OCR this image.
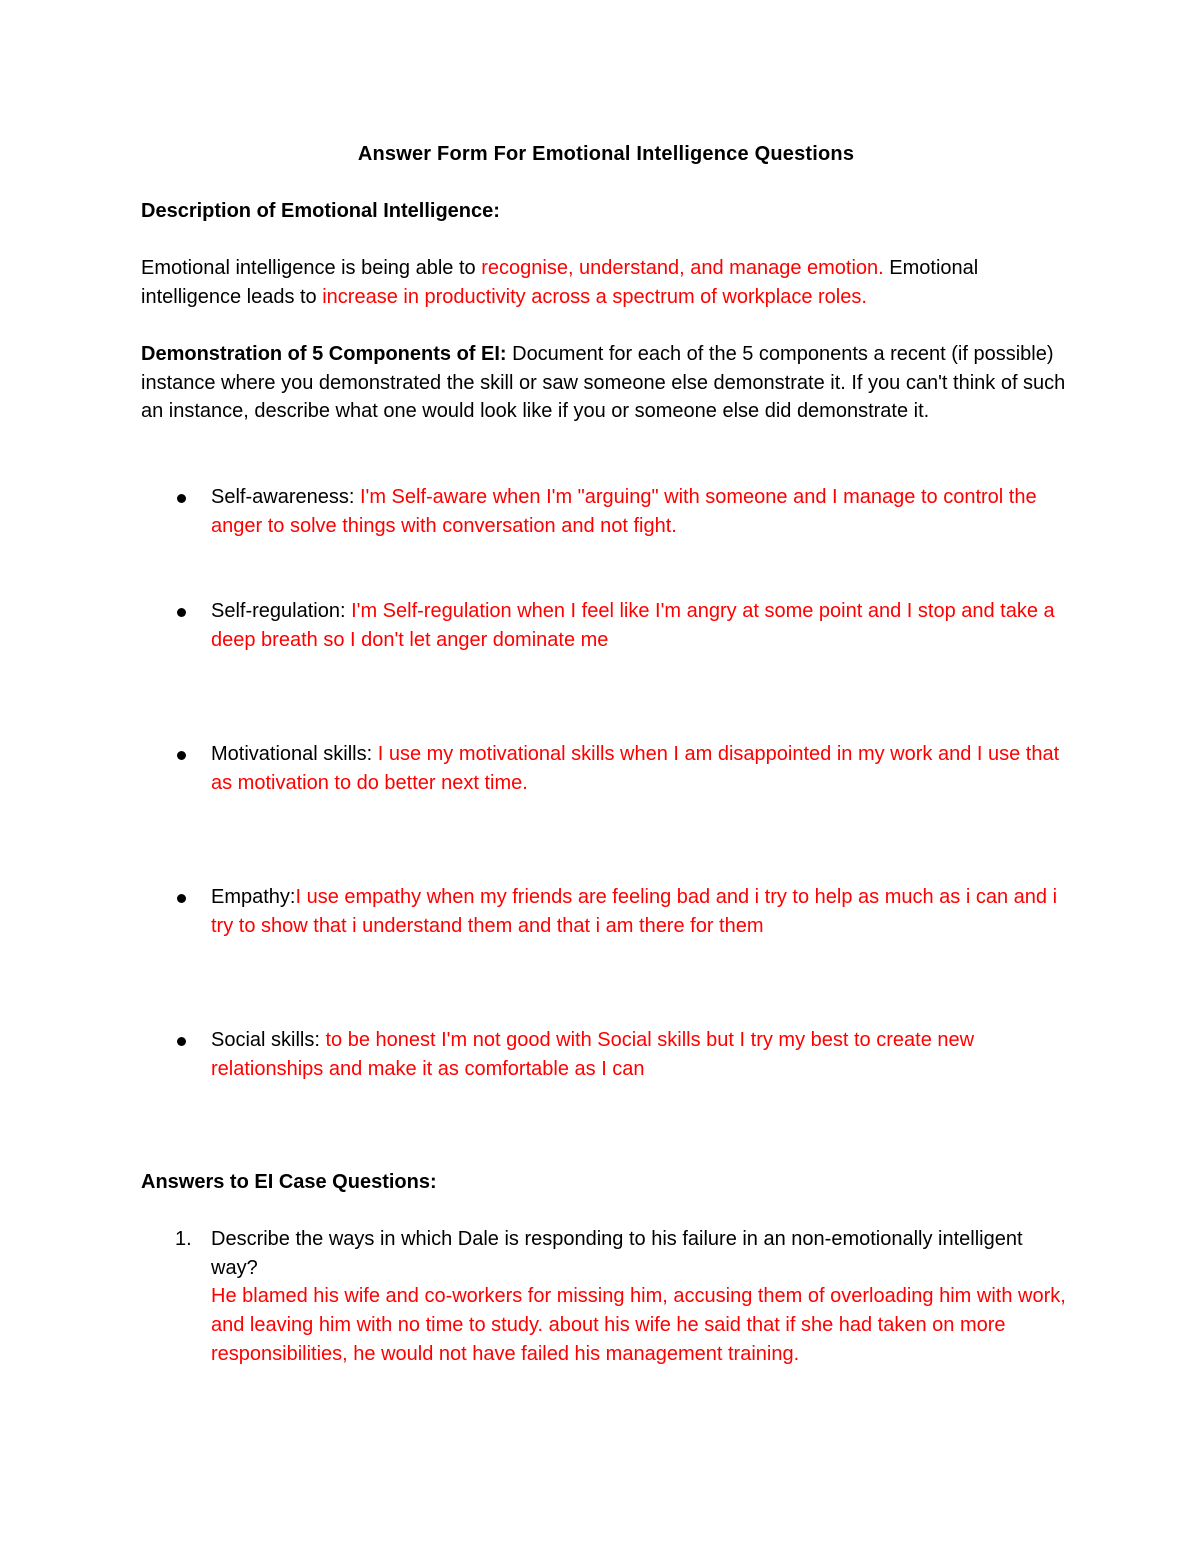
Answer Form For Emotional Intelligence Questions

Description of Emotional Intelligence:

Emotional intelligence is being able to recognise, understand, and manage emotion. Emotional intelligence leads to increase in productivity across a spectrum of workplace roles.

Demonstration of 5 Components of EI: Document for each of the 5 components a recent (if possible) instance where you demonstrated the skill or saw someone else demonstrate it. If you can't think of such an instance, describe what one would look like if you or someone else did demonstrate it.

Self-awareness: I'm Self-aware when I'm "arguing" with someone and I manage to control the anger to solve things with conversation and not fight.
Self-regulation: I'm Self-regulation when I feel like I'm angry at some point and I stop and take a deep breath so I don't let anger dominate me
Motivational skills: I use my motivational skills when I am disappointed in my work and I use that as motivation to do better next time.
Empathy:I use empathy when my friends are feeling bad and i try to help as much as i can and i try to show that i understand them and that i am there for them
Social skills: to be honest I'm not good with Social skills but I try my best to create new relationships and make it as comfortable as I can

Answers to EI Case Questions:

1. Describe the ways in which Dale is responding to his failure in an non-emotionally intelligent way?
He blamed his wife and co-workers for missing him, accusing them of overloading him with work, and leaving him with no time to study. about his wife he said that if she had taken on more responsibilities, he would not have failed his management training.
